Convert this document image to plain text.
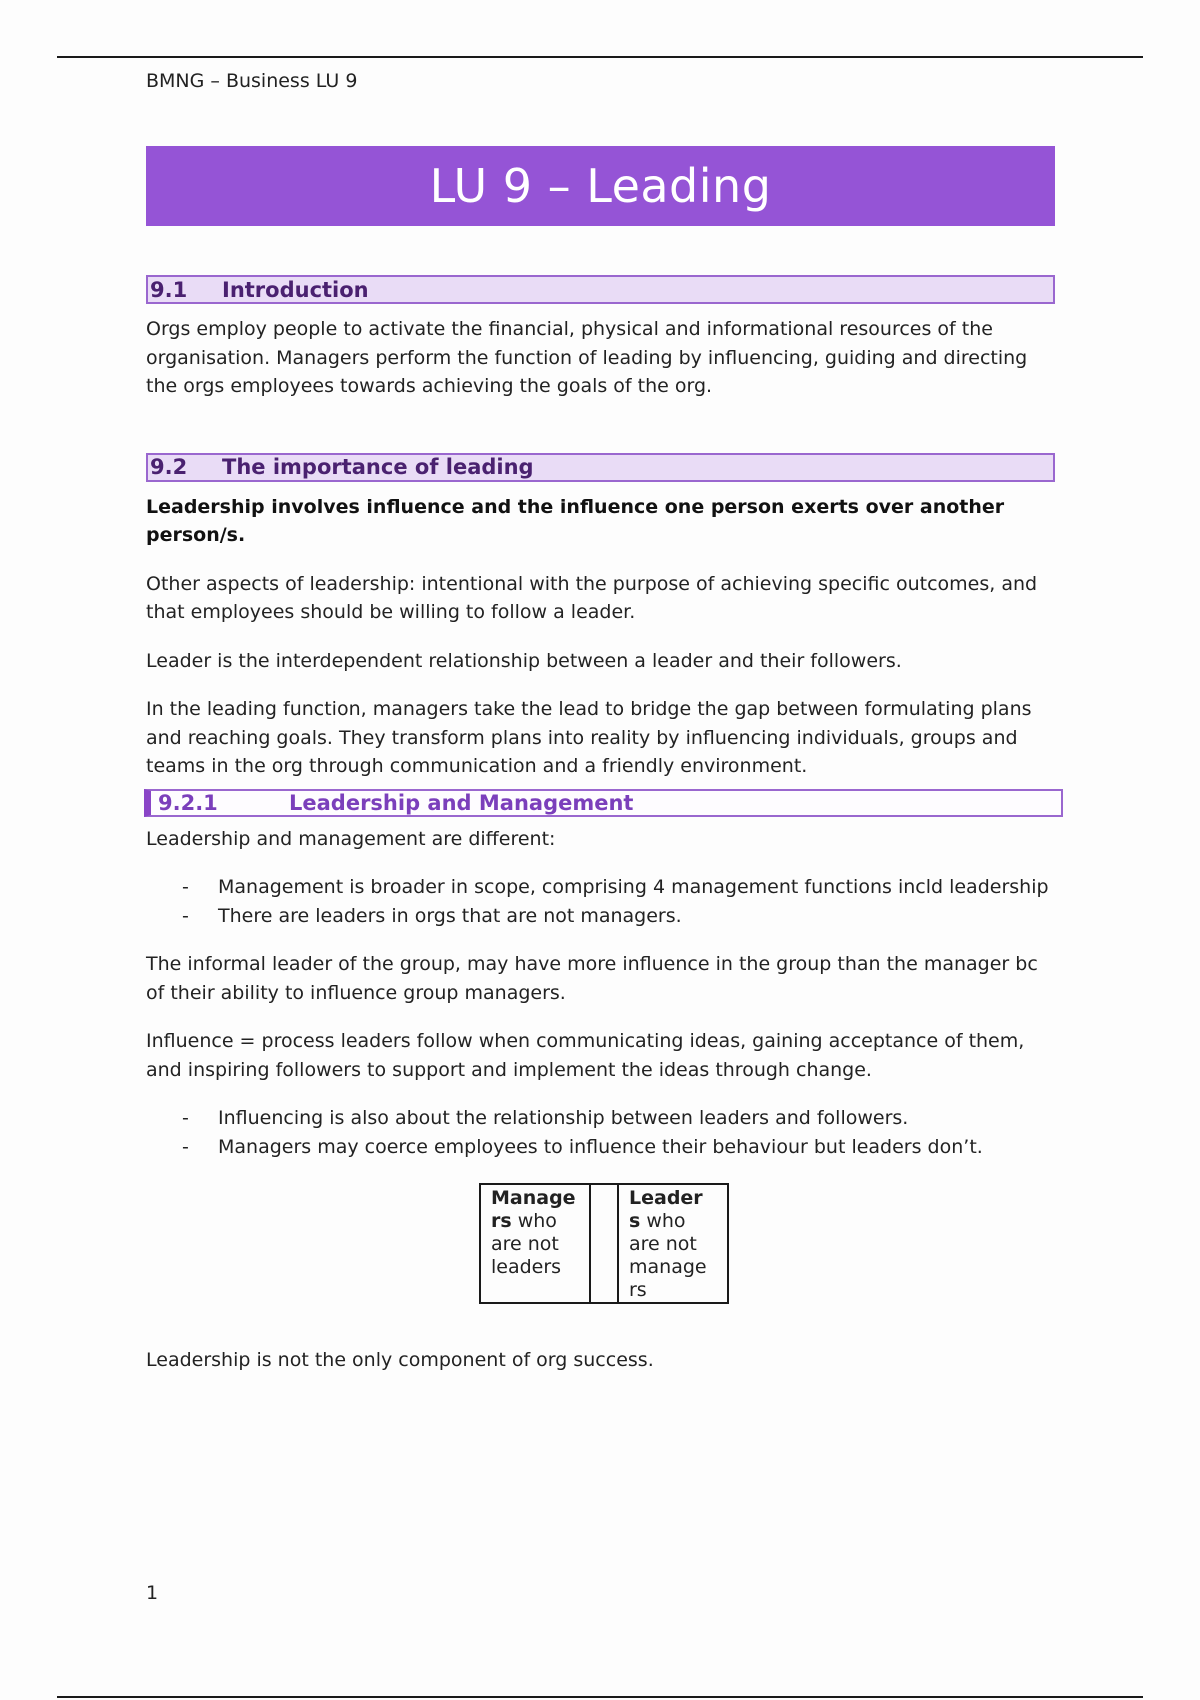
BMNG – Business LU 9
LU 9 – Leading
9.1	Introduction

Orgs employ people to activate the financial, physical and informational resources of the organisation. Managers perform the function of leading by influencing, guiding and directing the orgs employees towards achieving the goals of the org.

9.2	The importance of leading

Leadership involves influence and the influence one person exerts over another person/s.

Other aspects of leadership: intentional with the purpose of achieving specific outcomes, and that employees should be willing to follow a leader.

Leader is the interdependent relationship between a leader and their followers.

In the leading function, managers take the lead to bridge the gap between formulating plans and reaching goals. They transform plans into reality by influencing individuals, groups and teams in the org through communication and a friendly environment.

9.2.1	Leadership and Management

Leadership and management are different:

- Management is broader in scope, comprising 4 management functions incld leadership
- There are leaders in orgs that are not managers.

The informal leader of the group, may have more influence in the group than the manager bc of their ability to influence group managers.

Influence = process leaders follow when communicating ideas, gaining acceptance of them, and inspiring followers to support and implement the ideas through change.

- Influencing is also about the relationship between leaders and followers.
- Managers may coerce employees to influence their behaviour but leaders don’t.
Manage rs who are not leaders		Leader s who are not manage rs

Leadership is not the only component of org success.

1
